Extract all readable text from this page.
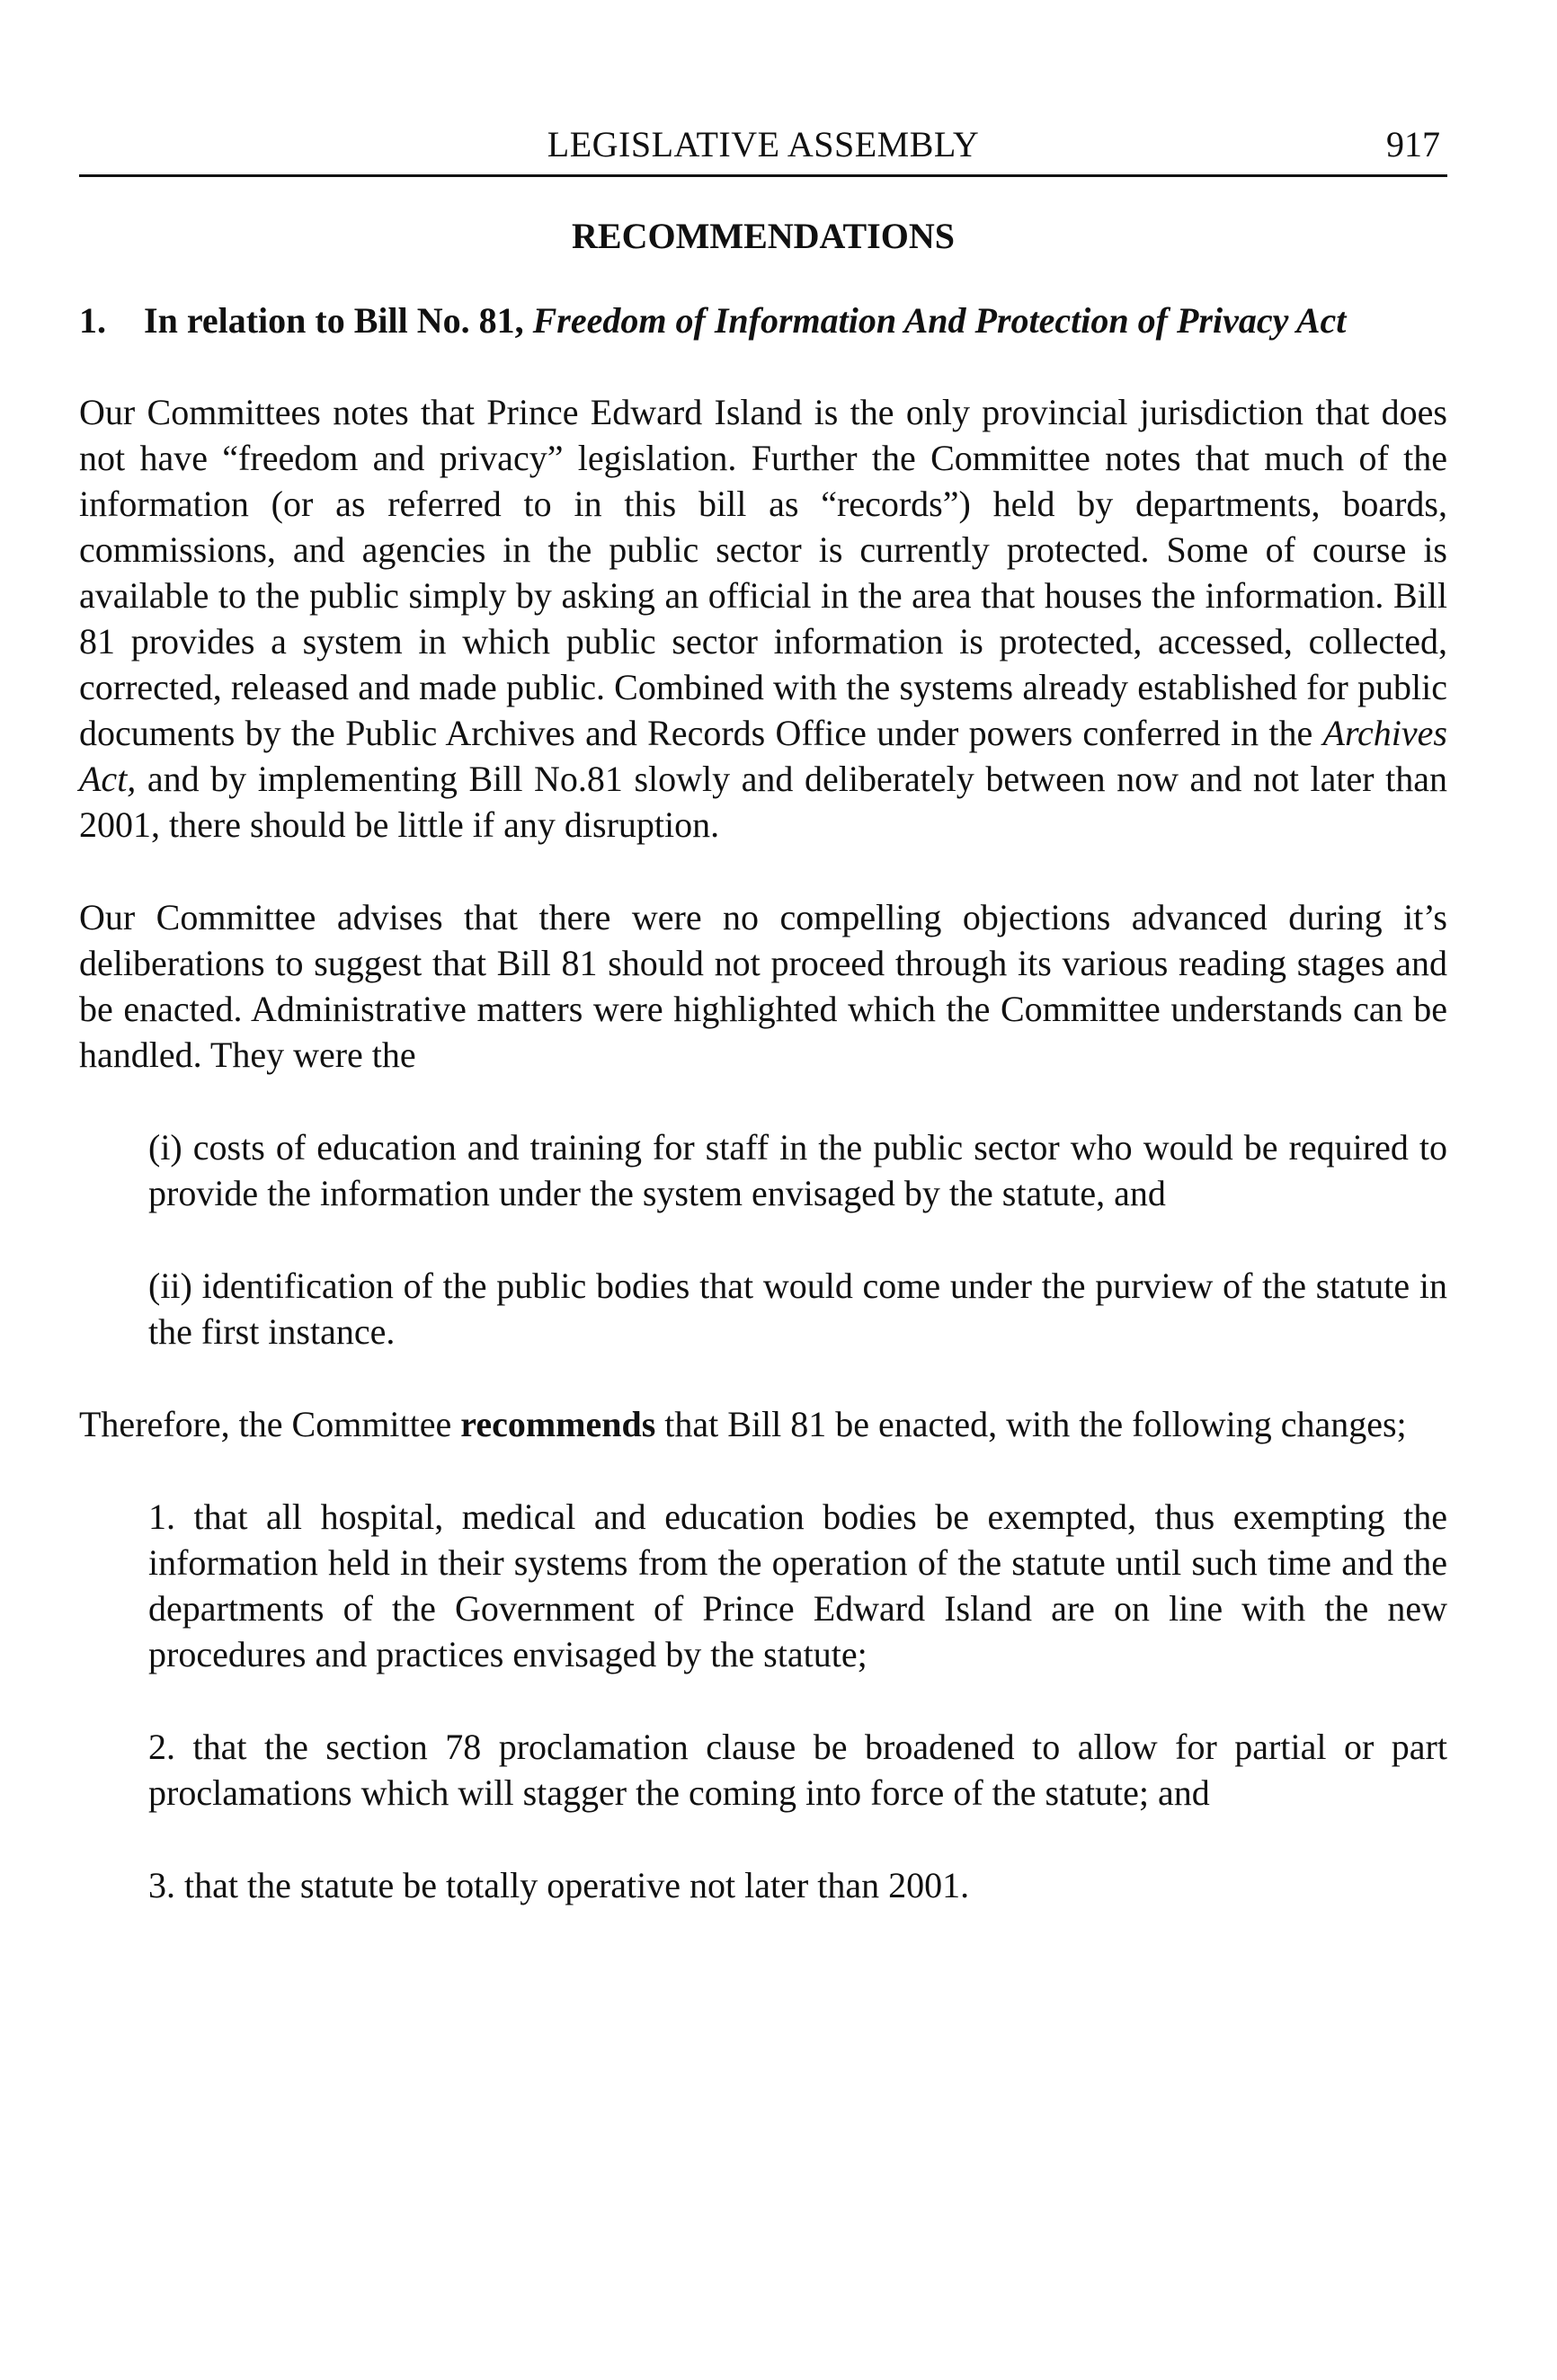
LEGISLATIVE ASSEMBLY	917
RECOMMENDATIONS
1.	In relation to Bill No. 81, Freedom of Information And Protection of Privacy Act

Our Committees notes that Prince Edward Island is the only provincial jurisdiction that does not have “freedom and privacy” legislation. Further the Committee notes that much of the information (or as referred to in this bill as “records”) held by departments, boards, commissions, and agencies in the public sector is currently protected. Some of course is available to the public simply by asking an official in the area that houses the information. Bill 81 provides a system in which public sector information is protected, accessed, collected, corrected, released and made public. Combined with the systems already established for public documents by the Public Archives and Records Office under powers conferred in the Archives Act, and by implementing Bill No.81 slowly and deliberately between now and not later than 2001, there should be little if any disruption.

Our Committee advises that there were no compelling objections advanced during it’s deliberations to suggest that Bill 81 should not proceed through its various reading stages and be enacted. Administrative matters were highlighted which the Committee understands can be handled. They were the

(i) costs of education and training for staff in the public sector who would be required to provide the information under the system envisaged by the statute, and

(ii) identification of the public bodies that would come under the purview of the statute in the first instance.

Therefore, the Committee recommends that Bill 81 be enacted, with the following changes;

1. that all hospital, medical and education bodies be exempted, thus exempting the information held in their systems from the operation of the statute until such time and the departments of the Government of Prince Edward Island are on line with the new procedures and practices envisaged by the statute;

2. that the section 78 proclamation clause be broadened to allow for partial or part proclamations which will stagger the coming into force of the statute; and

3. that the statute be totally operative not later than 2001.
